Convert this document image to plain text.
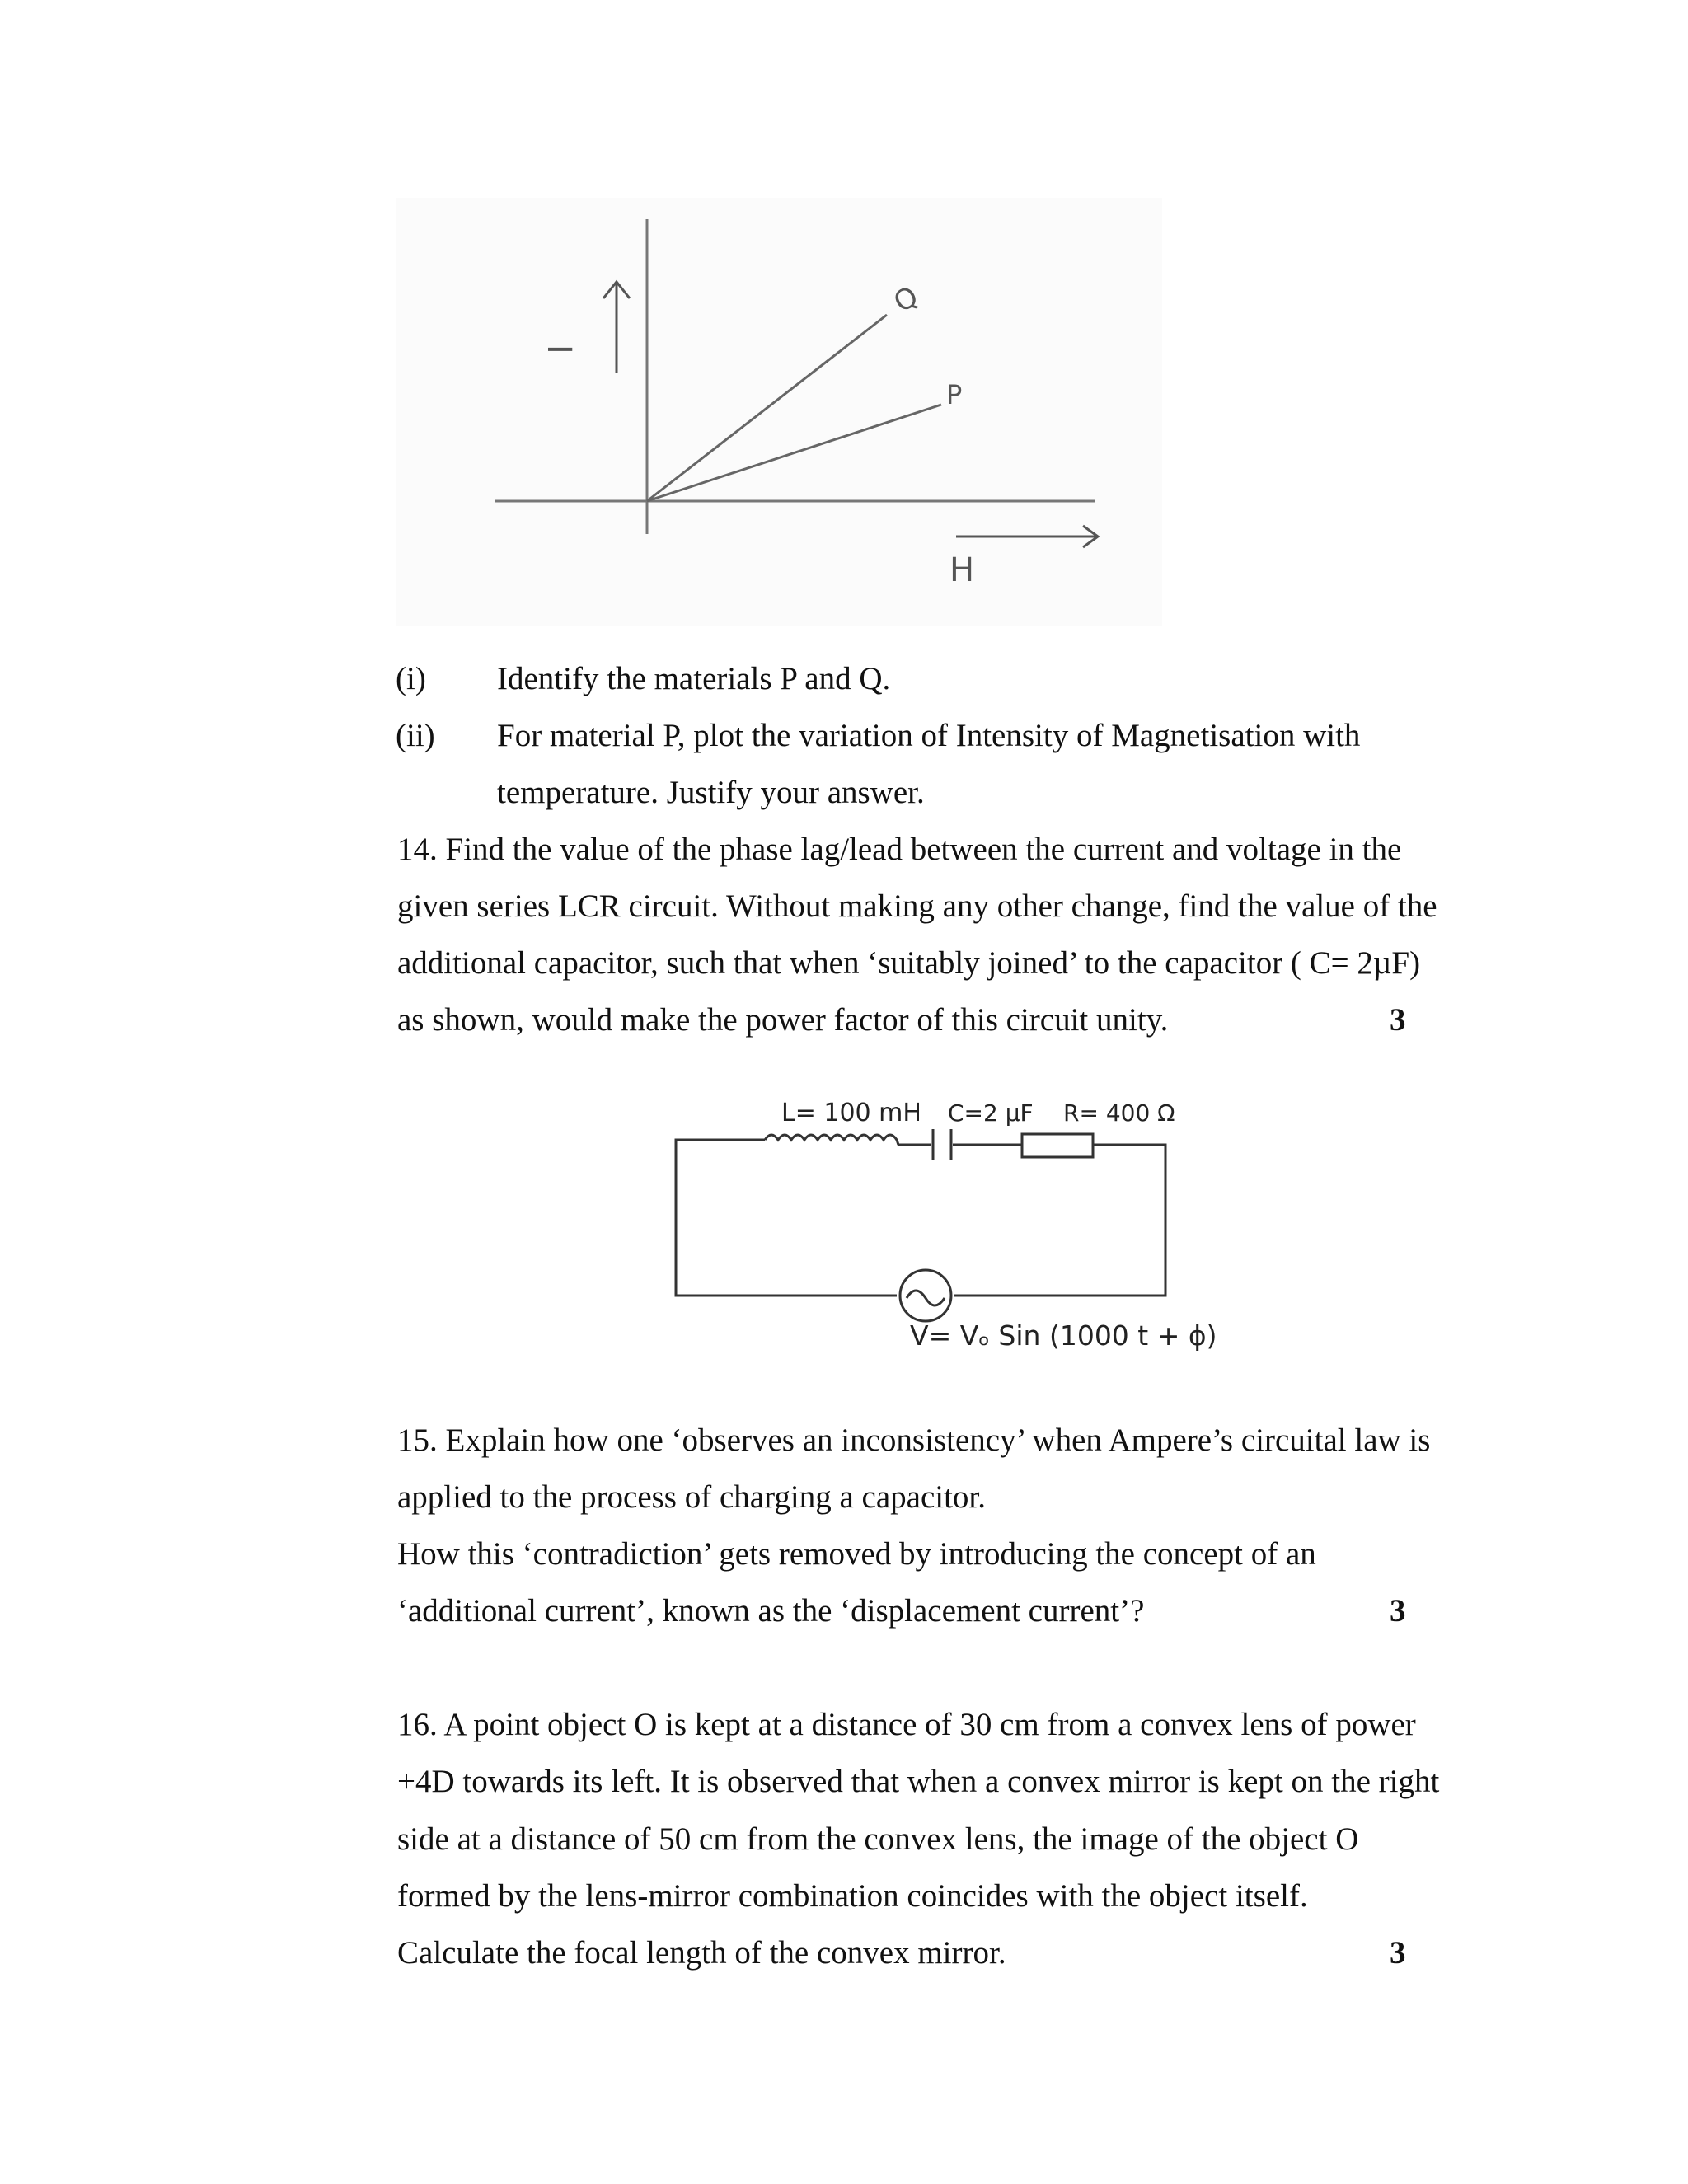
I
H
Q
P
(i) Identify the materials P and Q.
(ii) For material P, plot the variation of Intensity of Magnetisation with
temperature. Justify your answer.
14. Find the value of the phase lag/lead between the current and voltage in the
given series LCR circuit. Without making any other change, find the value of the
additional capacitor, such that when ‘suitably joined’ to the capacitor ( C= 2µF)
as shown, would make the power factor of this circuit unity.	3
L= 100 mH C=2 µF R= 400 Ω
V= Vₒ Sin (1000 t + ϕ)
15. Explain how one ‘observes an inconsistency’ when Ampere’s circuital law is
applied to the process of charging a capacitor.
How this ‘contradiction’ gets removed by introducing the concept of an
‘additional current’, known as the ‘displacement current’?	3
16. A point object O is kept at a distance of 30 cm from a convex lens of power
+4D towards its left. It is observed that when a convex mirror is kept on the right
side at a distance of 50 cm from the convex lens, the image of the object O
formed by the lens-mirror combination coincides with the object itself.
Calculate the focal length of the convex mirror.	3
